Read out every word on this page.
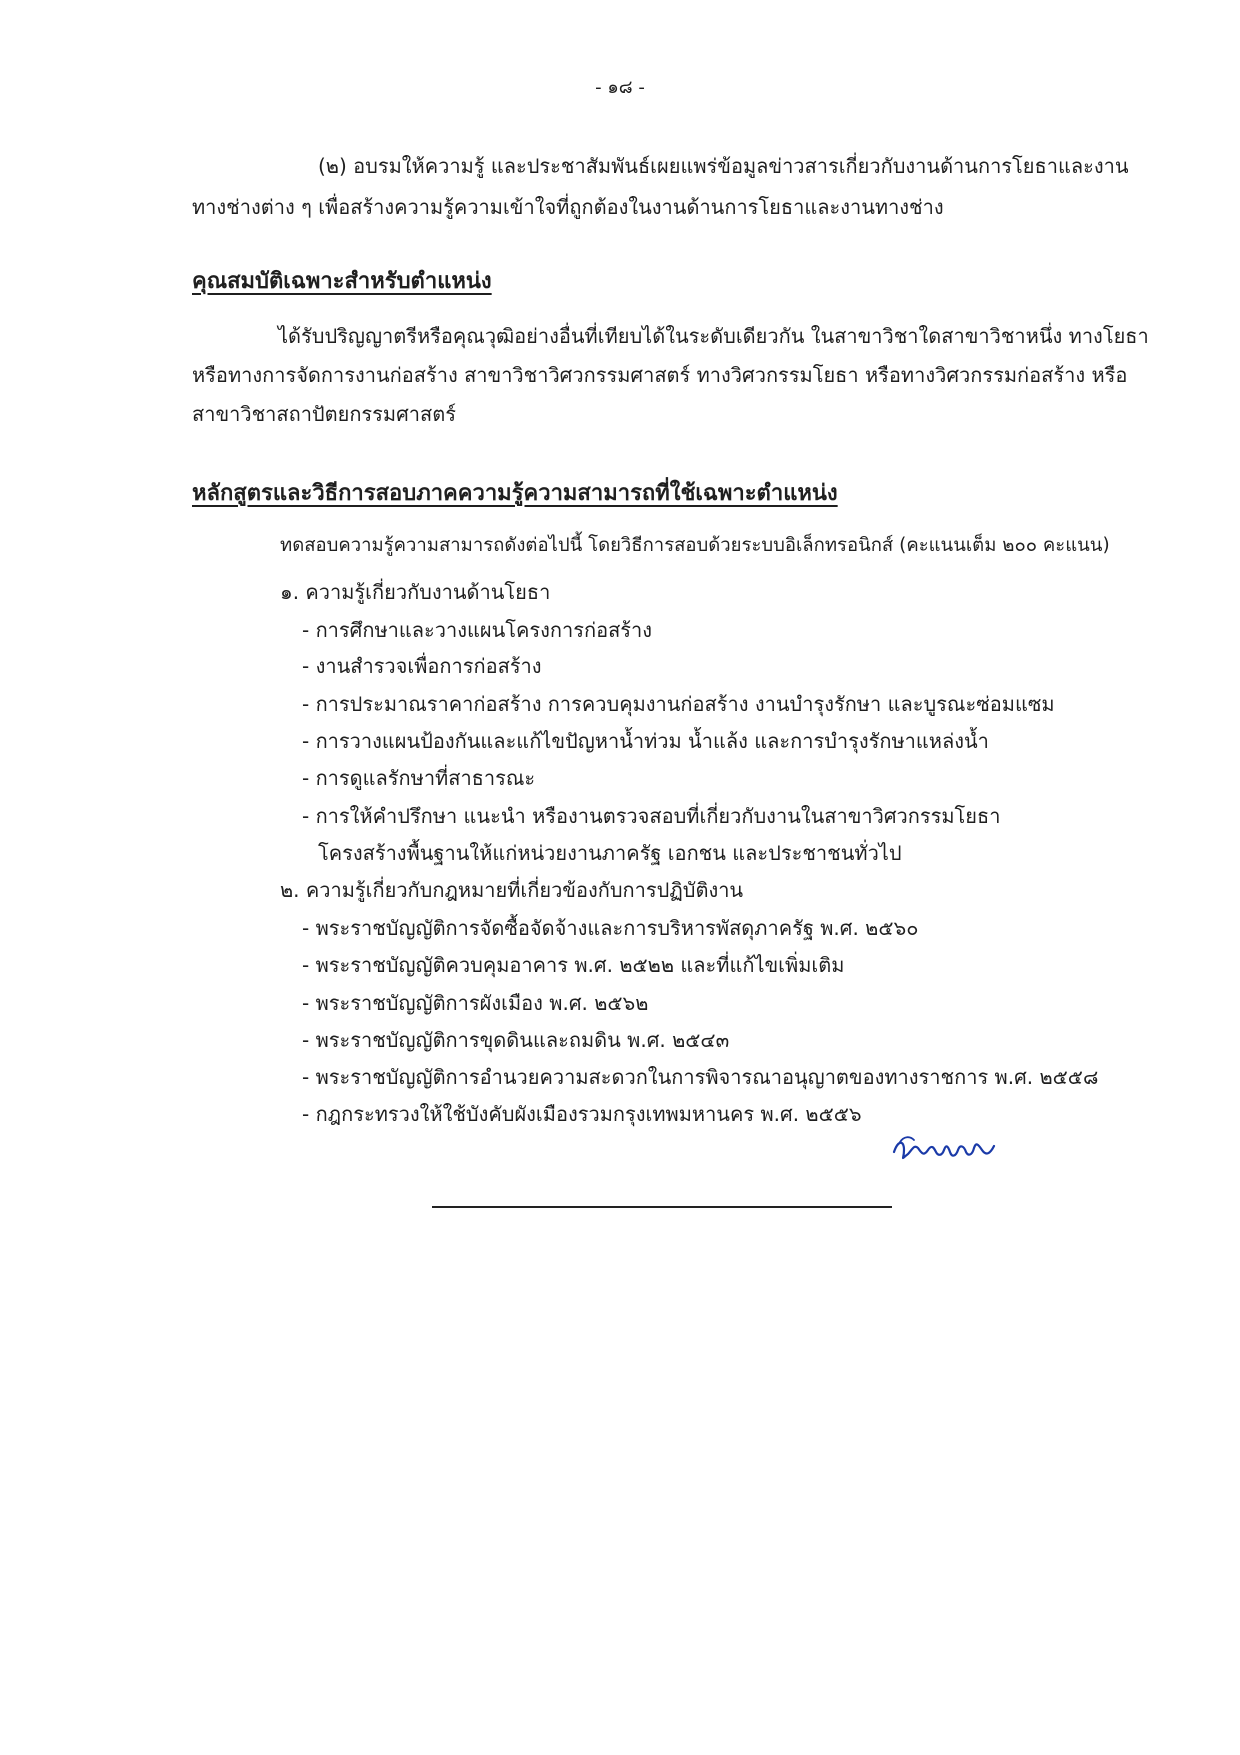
- ๑๘ -
(๒) อบรมให้ความรู้ และประชาสัมพันธ์เผยแพร่ข้อมูลข่าวสารเกี่ยวกับงานด้านการโยธาและงาน
ทางช่างต่าง ๆ เพื่อสร้างความรู้ความเข้าใจที่ถูกต้องในงานด้านการโยธาและงานทางช่าง
คุณสมบัติเฉพาะสำหรับตำแหน่ง
ได้รับปริญญาตรีหรือคุณวุฒิอย่างอื่นที่เทียบได้ในระดับเดียวกัน ในสาขาวิชาใดสาขาวิชาหนึ่ง ทางโยธา
หรือทางการจัดการงานก่อสร้าง สาขาวิชาวิศวกรรมศาสตร์ ทางวิศวกรรมโยธา หรือทางวิศวกรรมก่อสร้าง หรือ
สาขาวิชาสถาปัตยกรรมศาสตร์
หลักสูตรและวิธีการสอบภาคความรู้ความสามารถที่ใช้เฉพาะตำแหน่ง
ทดสอบความรู้ความสามารถดังต่อไปนี้ โดยวิธีการสอบด้วยระบบอิเล็กทรอนิกส์ (คะแนนเต็ม ๒๐๐ คะแนน)
๑. ความรู้เกี่ยวกับงานด้านโยธา
- การศึกษาและวางแผนโครงการก่อสร้าง
- งานสำรวจเพื่อการก่อสร้าง
- การประมาณราคาก่อสร้าง การควบคุมงานก่อสร้าง งานบำรุงรักษา และบูรณะซ่อมแซม
- การวางแผนป้องกันและแก้ไขปัญหาน้ำท่วม น้ำแล้ง และการบำรุงรักษาแหล่งน้ำ
- การดูแลรักษาที่สาธารณะ
- การให้คำปรึกษา แนะนำ หรืองานตรวจสอบที่เกี่ยวกับงานในสาขาวิศวกรรมโยธา
โครงสร้างพื้นฐานให้แก่หน่วยงานภาครัฐ เอกชน และประชาชนทั่วไป
๒. ความรู้เกี่ยวกับกฎหมายที่เกี่ยวข้องกับการปฏิบัติงาน
- พระราชบัญญัติการจัดซื้อจัดจ้างและการบริหารพัสดุภาครัฐ พ.ศ. ๒๕๖๐
- พระราชบัญญัติควบคุมอาคาร พ.ศ. ๒๕๒๒ และที่แก้ไขเพิ่มเติม
- พระราชบัญญัติการผังเมือง พ.ศ. ๒๕๖๒
- พระราชบัญญัติการขุดดินและถมดิน พ.ศ. ๒๕๔๓
- พระราชบัญญัติการอำนวยความสะดวกในการพิจารณาอนุญาตของทางราชการ พ.ศ. ๒๕๕๘
- กฎกระทรวงให้ใช้บังคับผังเมืองรวมกรุงเทพมหานคร พ.ศ. ๒๕๕๖
